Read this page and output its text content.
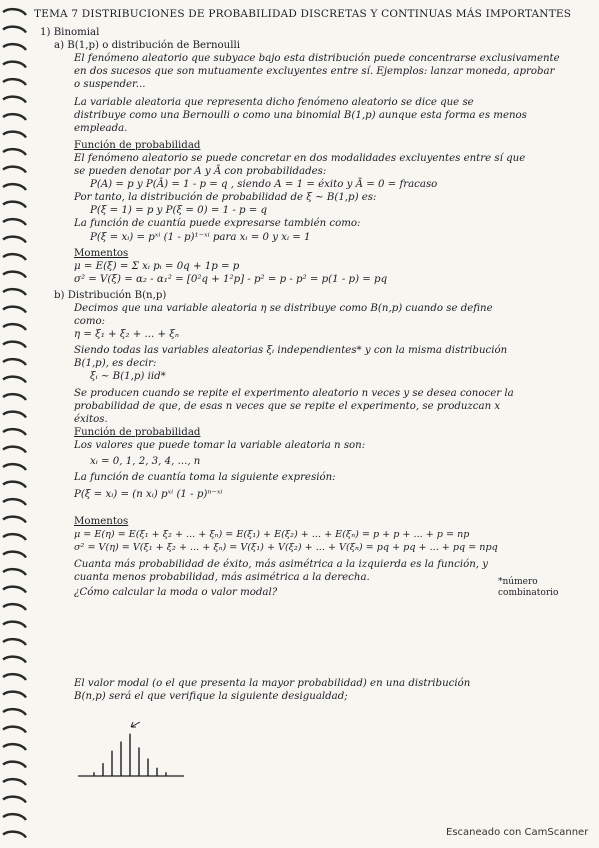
TEMA 7 DISTRIBUCIONES DE PROBABILIDAD DISCRETAS Y CONTINUAS MÁS IMPORTANTES
1) Binomial
a) B(1,p) o distribución de Bernoulli
El fenómeno aleatorio que subyace bajo esta distribución puede concentrarse exclusivamente
en dos sucesos que son mutuamente excluyentes entre sí. Ejemplos: lanzar moneda, aprobar
o suspender...
La variable aleatoria que representa dicho fenómeno aleatorio se dice que se
distribuye como una Bernoulli o como una binomial B(1,p) aunque esta forma es menos
empleada.
Función de probabilidad
El fenómeno aleatorio se puede concretar en dos modalidades excluyentes entre sí que
se pueden denotar por A y Ā con probabilidades:
P(A) = p y P(Ā) = 1 - p = q , siendo A = 1 = éxito y Ā = 0 = fracaso
Por tanto, la distribución de probabilidad de ξ ~ B(1,p) es:
P(ξ = 1) = p y P(ξ = 0) = 1 - p = q
La función de cuantía puede expresarse también como:
P(ξ = xᵢ) = pˣⁱ (1 - p)¹⁻ˣⁱ para xᵢ = 0 y xᵢ = 1
Momentos
μ = E(ξ) = Σ xᵢ pᵢ = 0q + 1p = p
σ² = V(ξ) = α₂ - α₁² = [0²q + 1²p] - p² = p - p² = p(1 - p) = pq
b) Distribución B(n,p)
Decimos que una variable aleatoria η se distribuye como B(n,p) cuando se define
como:
η = ξ₁ + ξ₂ + ... + ξₙ
Siendo todas las variables aleatorias ξᵢ independientes* y con la misma distribución
B(1,p), es decir:
ξᵢ ~ B(1,p) iid*
Se producen cuando se repite el experimento aleatorio n veces y se desea conocer la
probabilidad de que, de esas n veces que se repite el experimento, se produzcan x
éxitos.
Función de probabilidad
Los valores que puede tomar la variable aleatoria n son:
xᵢ = 0, 1, 2, 3, 4, ..., n
La función de cuantía toma la siguiente expresión:
P(ξ = xᵢ) = (n xᵢ) pˣⁱ (1 - p)ⁿ⁻ˣⁱ
Momentos
μ = E(η) = E(ξ₁ + ξ₂ + ... + ξₙ) = E(ξ₁) + E(ξ₂) + ... + E(ξₙ) = p + p + ... + p = np
σ² = V(η) = V(ξ₁ + ξ₂ + ... + ξₙ) = V(ξ₁) + V(ξ₂) + ... + V(ξₙ) = pq + pq + ... + pq = npq
Cuanta más probabilidad de éxito, más asimétrica a la izquierda es la función, y
cuanta menos probabilidad, más asimétrica a la derecha.
¿Cómo calcular la moda o valor modal?
El valor modal (o el que presenta la mayor probabilidad) en una distribución
B(n,p) será el que verifique la siguiente desigualdad;
*número combinatorio
Escaneado con CamScanner
